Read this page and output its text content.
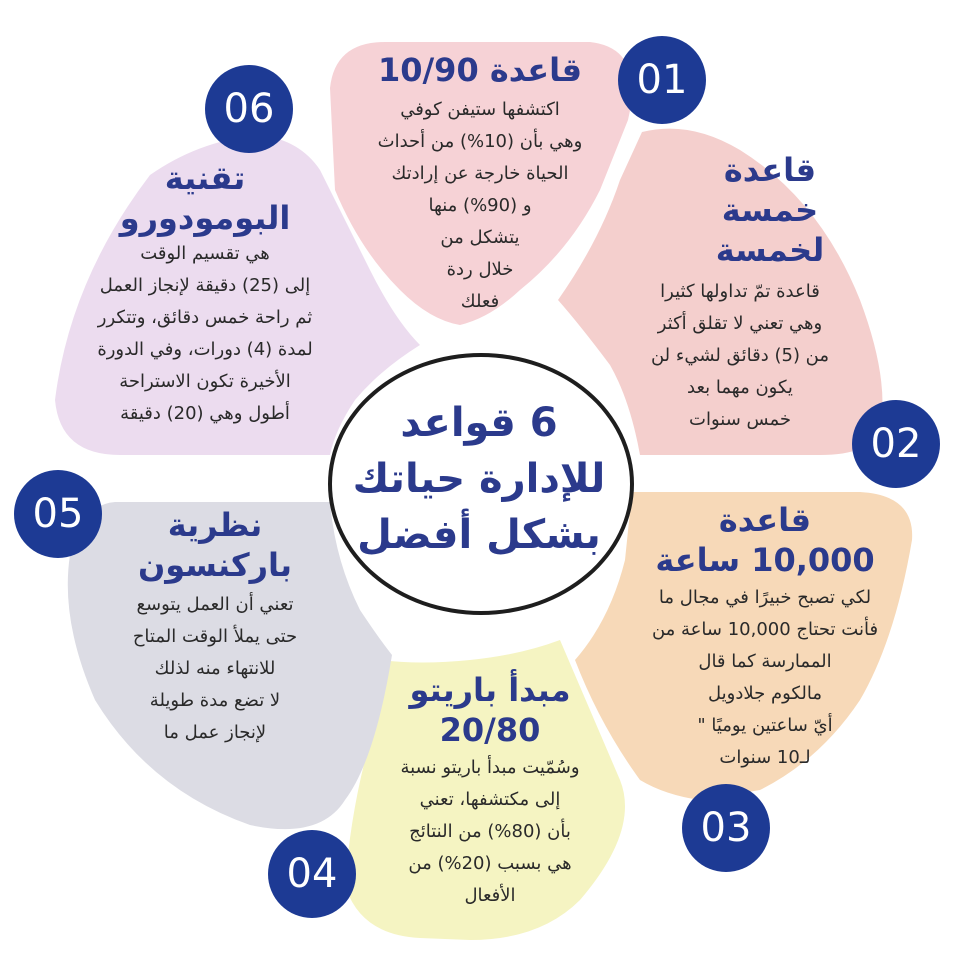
قاعدة 10/90
اكتشفها ستيفن كوفي
وهي بأن (10%) من أحداث
الحياة خارجة عن إرادتك
و (90%) منها
يتشكل من
خلال ردة
فعلك
قاعدة
خمسة
لخمسة
قاعدة تمّ تداولها كثيرا
وهي تعني لا تقلق أكثر
من (5) دقائق لشيء لن
يكون مهما بعد
خمس سنوات
قاعدة
10,000 ساعة
لكي تصبح خبيرًا في مجال ما
فأنت تحتاج 10,000 ساعة من
الممارسة كما قال
مالكوم جلادويل
أيّ ساعتين يوميًا "
لـ10 سنوات
مبدأ باريتو
20/80
وسُمّيت مبدأ باريتو نسبة
إلى مكتشفها، تعني
بأن (80%) من النتائج
هي بسبب (20%) من
الأفعال
نظرية
باركنسون
تعني أن العمل يتوسع
حتى يملأ الوقت المتاح
للانتهاء منه لذلك
لا تضع مدة طويلة
لإنجاز عمل ما
تقنية
البومودورو
هي تقسيم الوقت
إلى (25) دقيقة لإنجاز العمل
ثم راحة خمس دقائق، وتتكرر
لمدة (4) دورات، وفي الدورة
الأخيرة تكون الاستراحة
أطول وهي (20) دقيقة
01
02
03
04
05
06
6 قواعد
للإدارة حياتك
بشكل أفضل
